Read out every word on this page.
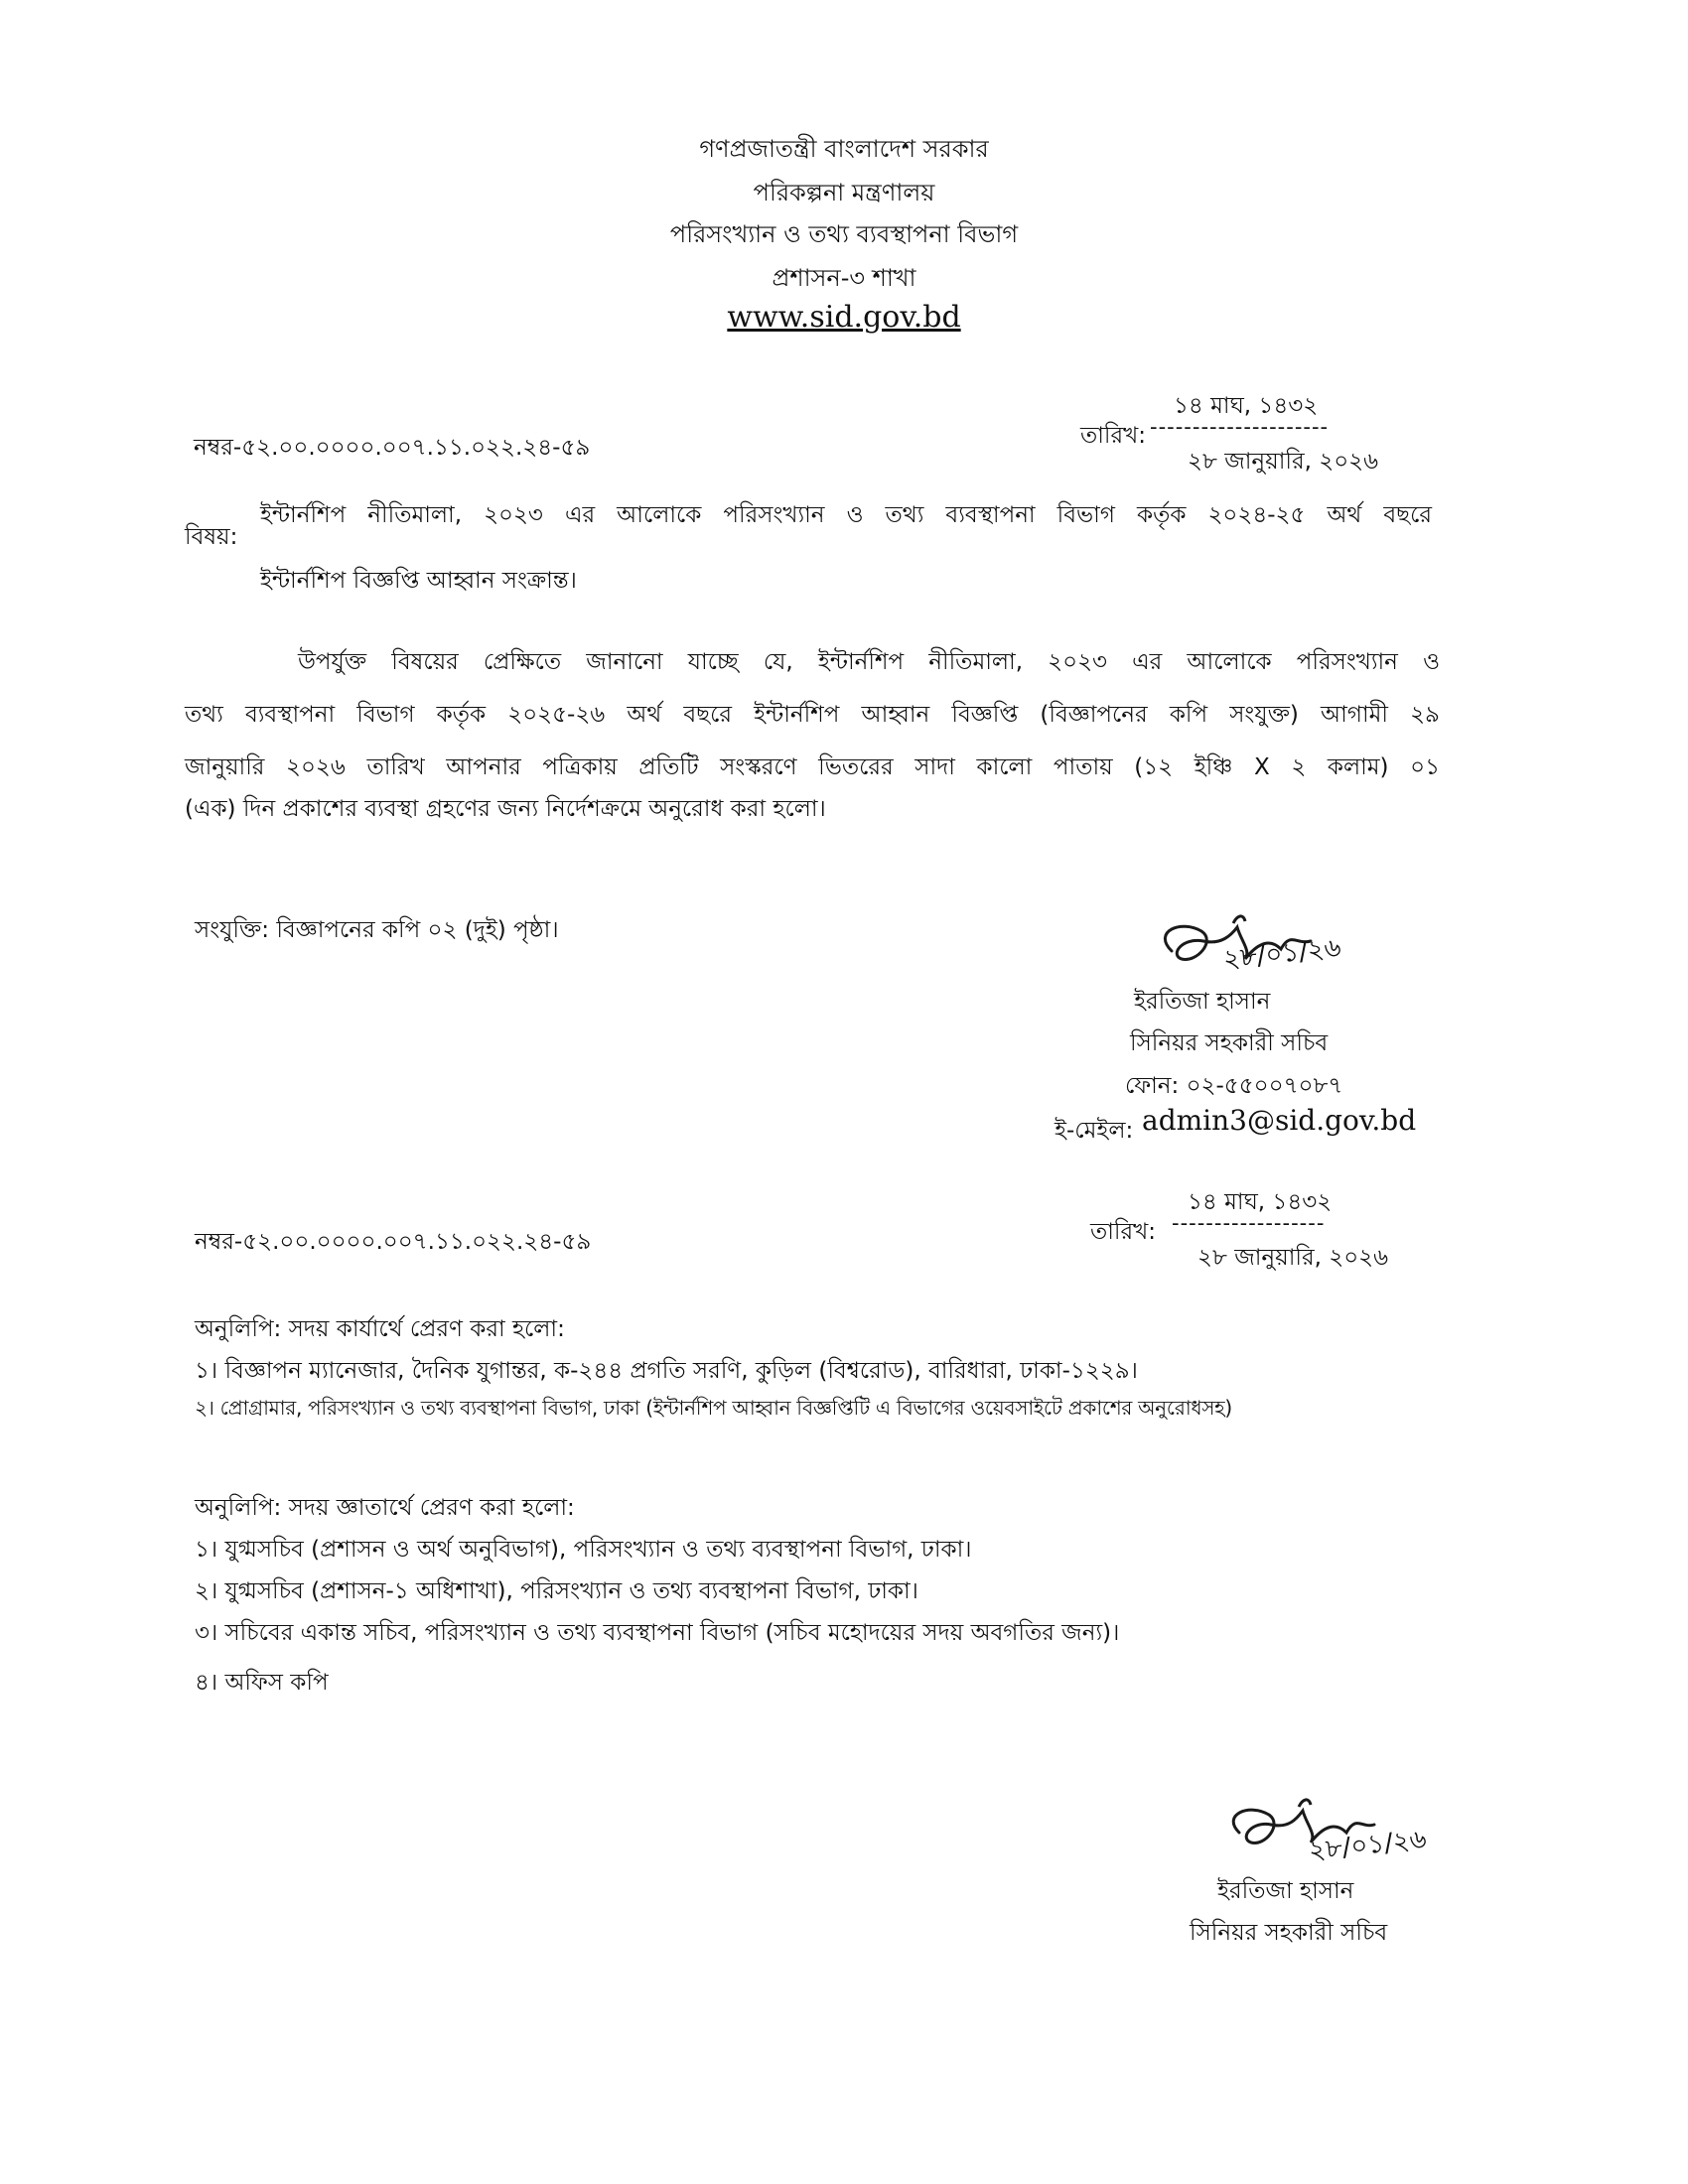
গণপ্রজাতন্ত্রী বাংলাদেশ সরকার
পরিকল্পনা মন্ত্রণালয়
পরিসংখ্যান ও তথ্য ব্যবস্থাপনা বিভাগ
প্রশাসন-৩ শাখা
www.sid.gov.bd
নম্বর-৫২.০০.০০০০.০০৭.১১.০২২.২৪-৫৯
১৪ মাঘ, ১৪৩২
তারিখ: ---------------------
২৮ জানুয়ারি, ২০২৬
বিষয়:
ইন্টার্নশিপ নীতিমালা, ২০২৩ এর আলোকে পরিসংখ্যান ও তথ্য ব্যবস্থাপনা বিভাগ কর্তৃক ২০২৪-২৫ অর্থ বছরে
ইন্টার্নশিপ বিজ্ঞপ্তি আহ্বান সংক্রান্ত।
উপর্যুক্ত বিষয়ের প্রেক্ষিতে জানানো যাচ্ছে যে, ইন্টার্নশিপ নীতিমালা, ২০২৩ এর আলোকে পরিসংখ্যান ও
তথ্য ব্যবস্থাপনা বিভাগ কর্তৃক ২০২৫-২৬ অর্থ বছরে ইন্টার্নশিপ আহ্বান বিজ্ঞপ্তি (বিজ্ঞাপনের কপি সংযুক্ত) আগামী ২৯
জানুয়ারি ২০২৬ তারিখ আপনার পত্রিকায় প্রতিটি সংস্করণে ভিতরের সাদা কালো পাতায় (১২ ইঞ্চি X ২ কলাম) ০১
(এক) দিন প্রকাশের ব্যবস্থা গ্রহণের জন্য নির্দেশক্রমে অনুরোধ করা হলো।
সংযুক্তি: বিজ্ঞাপনের কপি ০২ (দুই) পৃষ্ঠা।
২৮/০১/২৬
ইরতিজা হাসান
সিনিয়র সহকারী সচিব
ফোন: ০২-৫৫০০৭০৮৭
ই-মেইল: admin3@sid.gov.bd
নম্বর-৫২.০০.০০০০.০০৭.১১.০২২.২৪-৫৯
১৪ মাঘ, ১৪৩২
তারিখ: ------------------
২৮ জানুয়ারি, ২০২৬
অনুলিপি: সদয় কার্যার্থে প্রেরণ করা হলো:
১। বিজ্ঞাপন ম্যানেজার, দৈনিক যুগান্তর, ক-২৪৪ প্রগতি সরণি, কুড়িল (বিশ্বরোড), বারিধারা, ঢাকা-১২২৯।
২। প্রোগ্রামার, পরিসংখ্যান ও তথ্য ব্যবস্থাপনা বিভাগ, ঢাকা (ইন্টার্নশিপ আহ্বান বিজ্ঞপ্তিটি এ বিভাগের ওয়েবসাইটে প্রকাশের অনুরোধসহ)
অনুলিপি: সদয় জ্ঞাতার্থে প্রেরণ করা হলো:
১। যুগ্মসচিব (প্রশাসন ও অর্থ অনুবিভাগ), পরিসংখ্যান ও তথ্য ব্যবস্থাপনা বিভাগ, ঢাকা।
২। যুগ্মসচিব (প্রশাসন-১ অধিশাখা), পরিসংখ্যান ও তথ্য ব্যবস্থাপনা বিভাগ, ঢাকা।
৩। সচিবের একান্ত সচিব, পরিসংখ্যান ও তথ্য ব্যবস্থাপনা বিভাগ (সচিব মহোদয়ের সদয় অবগতির জন্য)।
৪। অফিস কপি
২৮/০১/২৬
ইরতিজা হাসান
সিনিয়র সহকারী সচিব
